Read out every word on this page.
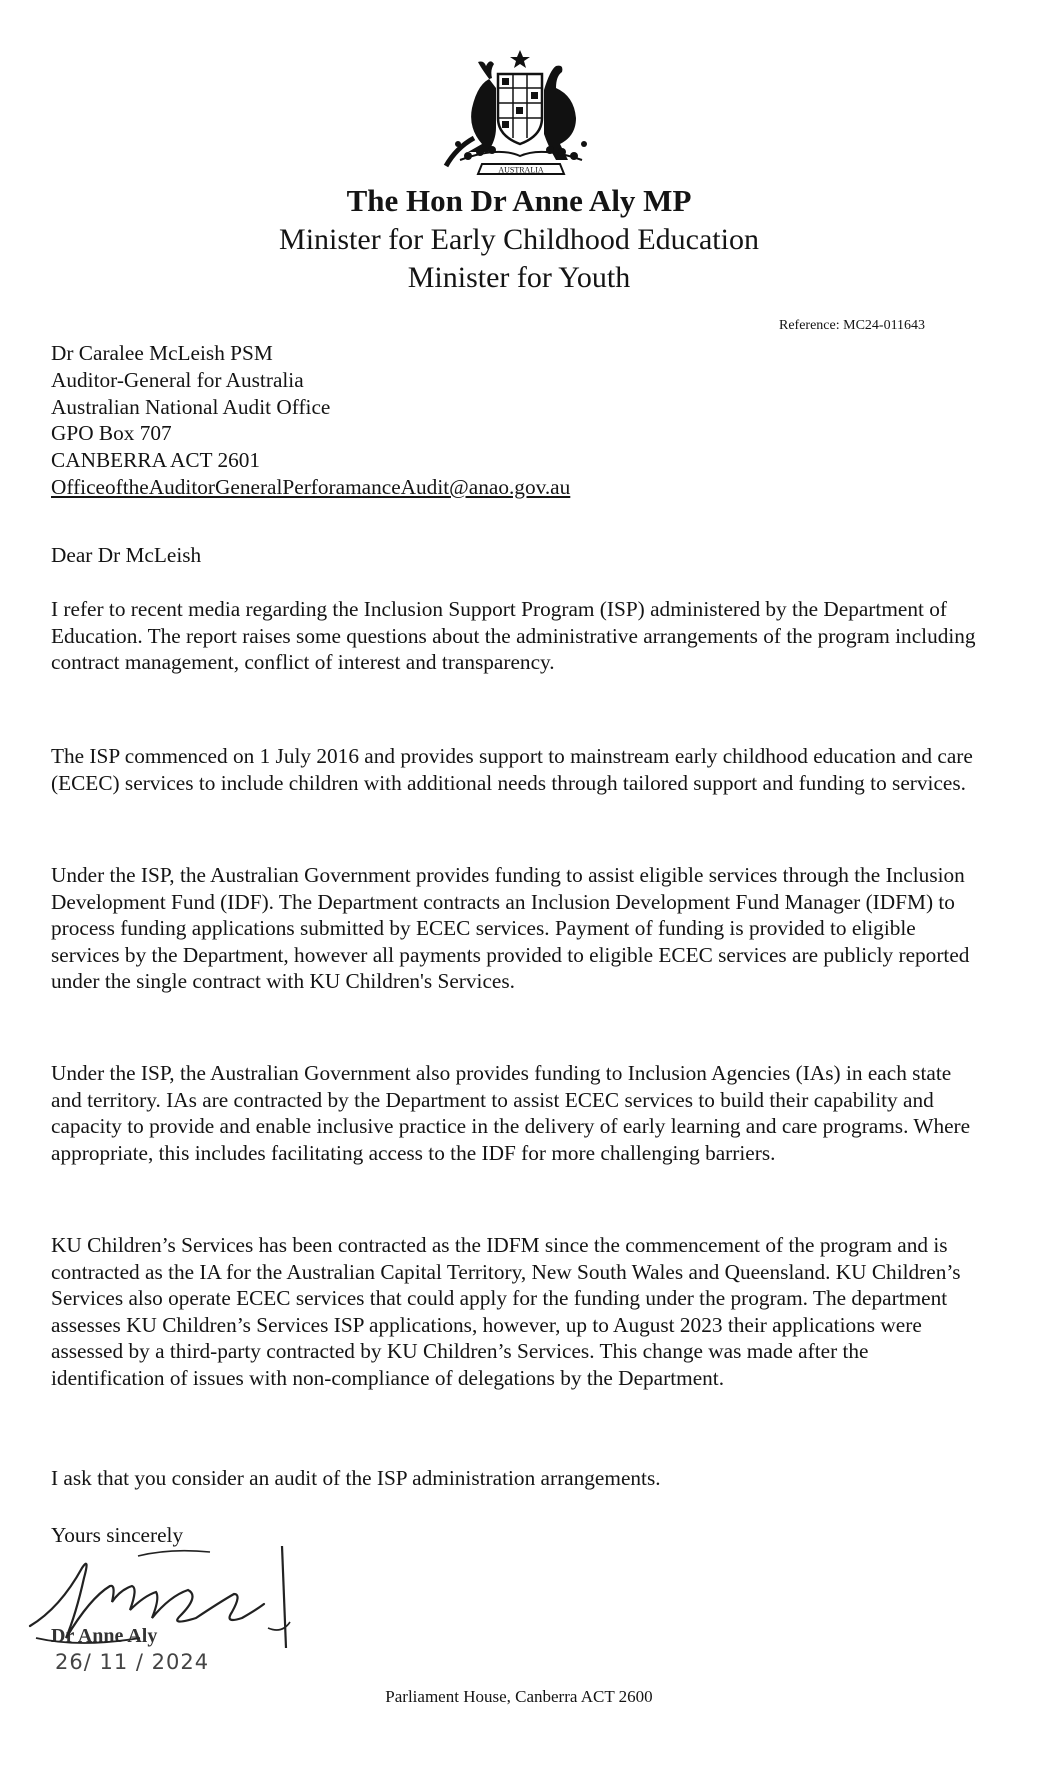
AUSTRALIA
The Hon Dr Anne Aly MP
Minister for Early Childhood Education
Minister for Youth
Reference: MC24-011643
Dr Caralee McLeish PSM
Auditor-General for Australia
Australian National Audit Office
GPO Box 707
CANBERRA ACT 2601
OfficeoftheAuditorGeneralPerforamanceAudit@anao.gov.au
Dear Dr McLeish

I refer to recent media regarding the Inclusion Support Program (ISP) administered by the Department of Education. The report raises some questions about the administrative arrangements of the program including contract management, conflict of interest and transparency.

The ISP commenced on 1 July 2016 and provides support to mainstream early childhood education and care (ECEC) services to include children with additional needs through tailored support and funding to services.

Under the ISP, the Australian Government provides funding to assist eligible services through the Inclusion Development Fund (IDF). The Department contracts an Inclusion Development Fund Manager (IDFM) to process funding applications submitted by ECEC services. Payment of funding is provided to eligible services by the Department, however all payments provided to eligible ECEC services are publicly reported under the single contract with KU Children's Services.

Under the ISP, the Australian Government also provides funding to Inclusion Agencies (IAs) in each state and territory. IAs are contracted by the Department to assist ECEC services to build their capability and capacity to provide and enable inclusive practice in the delivery of early learning and care programs. Where appropriate, this includes facilitating access to the IDF for more challenging barriers.

KU Children’s Services has been contracted as the IDFM since the commencement of the program and is contracted as the IA for the Australian Capital Territory, New South Wales and Queensland. KU Children’s Services also operate ECEC services that could apply for the funding under the program. The department assesses KU Children’s Services ISP applications, however, up to August 2023 their applications were assessed by a third-party contracted by KU Children’s Services. This change was made after the identification of issues with non-compliance of delegations by the Department.

I ask that you consider an audit of the ISP administration arrangements.

Yours sincerely
Dr Anne Aly
26/ 11 / 2024
Parliament House, Canberra ACT 2600
